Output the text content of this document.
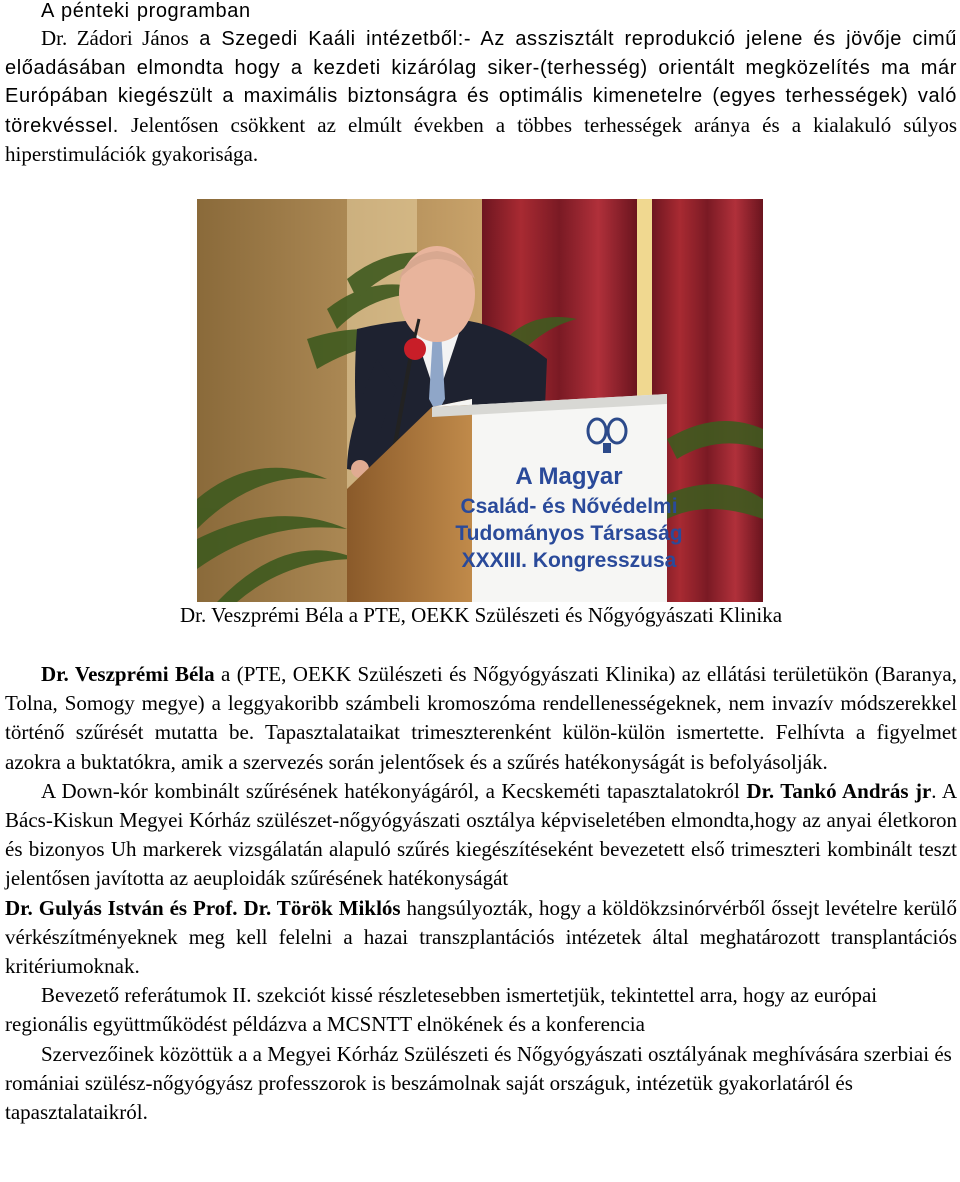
A pénteki programban

Dr. Zádori János a Szegedi Kaáli intézetből:- Az asszisztált reprodukció jelene és jövője cimű előadásában elmondta hogy a kezdeti kizárólag siker-(terhesség) orientált megközelítés ma már Európában kiegészült a maximális biztonságra és optimális kimenetelre (egyes terhességek) való törekvéssel. Jelentősen csökkent az elmúlt években a többes terhességek aránya és a kialakuló súlyos hiperstimulációk gyakorisága.

A Magyar
Család- és Nővédelmi
Tudományos Társaság
XXXIII. Kongresszusa

Dr. Veszprémi Béla a PTE, OEKK Szülészeti és Nőgyógyászati Klinika

Dr. Veszprémi Béla a (PTE, OEKK Szülészeti és Nőgyógyászati Klinika) az ellátási területükön (Baranya, Tolna, Somogy megye) a leggyakoribb számbeli kromoszóma rendellenességeknek, nem invazív módszerekkel történő szűrését mutatta be. Tapasztalataikat trimeszterenként külön-külön ismertette. Felhívta a figyelmet azokra a buktatókra, amik a szervezés során jelentősek és a szűrés hatékonyságát is befolyásolják.

A Down-kór kombinált szűrésének hatékonyágáról, a Kecskeméti tapasztalatokról Dr. Tankó András jr. A Bács-Kiskun Megyei Kórház szülészet-nőgyógyászati osztálya képviseletében elmondta,hogy az anyai életkoron és bizonyos Uh markerek vizsgálatán alapuló szűrés kiegészítéseként bevezetett első trimeszteri kombinált teszt jelentősen javította az aeuploidák szűrésének hatékonyságát

Dr. Gulyás István és Prof. Dr. Török Miklós hangsúlyozták, hogy a köldökzsinórvérből őssejt levételre kerülő vérkészítményeknek meg kell felelni a hazai transzplantációs intézetek által meghatározott transplantációs kritériumoknak.

Bevezető referátumok II. szekciót kissé részletesebben ismertetjük, tekintettel arra, hogy az európai regionális együttműködést példázva a MCSNTT elnökének és a konferencia

Szervezőinek közöttük a a Megyei Kórház Szülészeti és Nőgyógyászati osztályának meghívására szerbiai és romániai szülész-nőgyógyász professzorok is beszámolnak saját országuk, intézetük gyakorlatáról és tapasztalataikról.
